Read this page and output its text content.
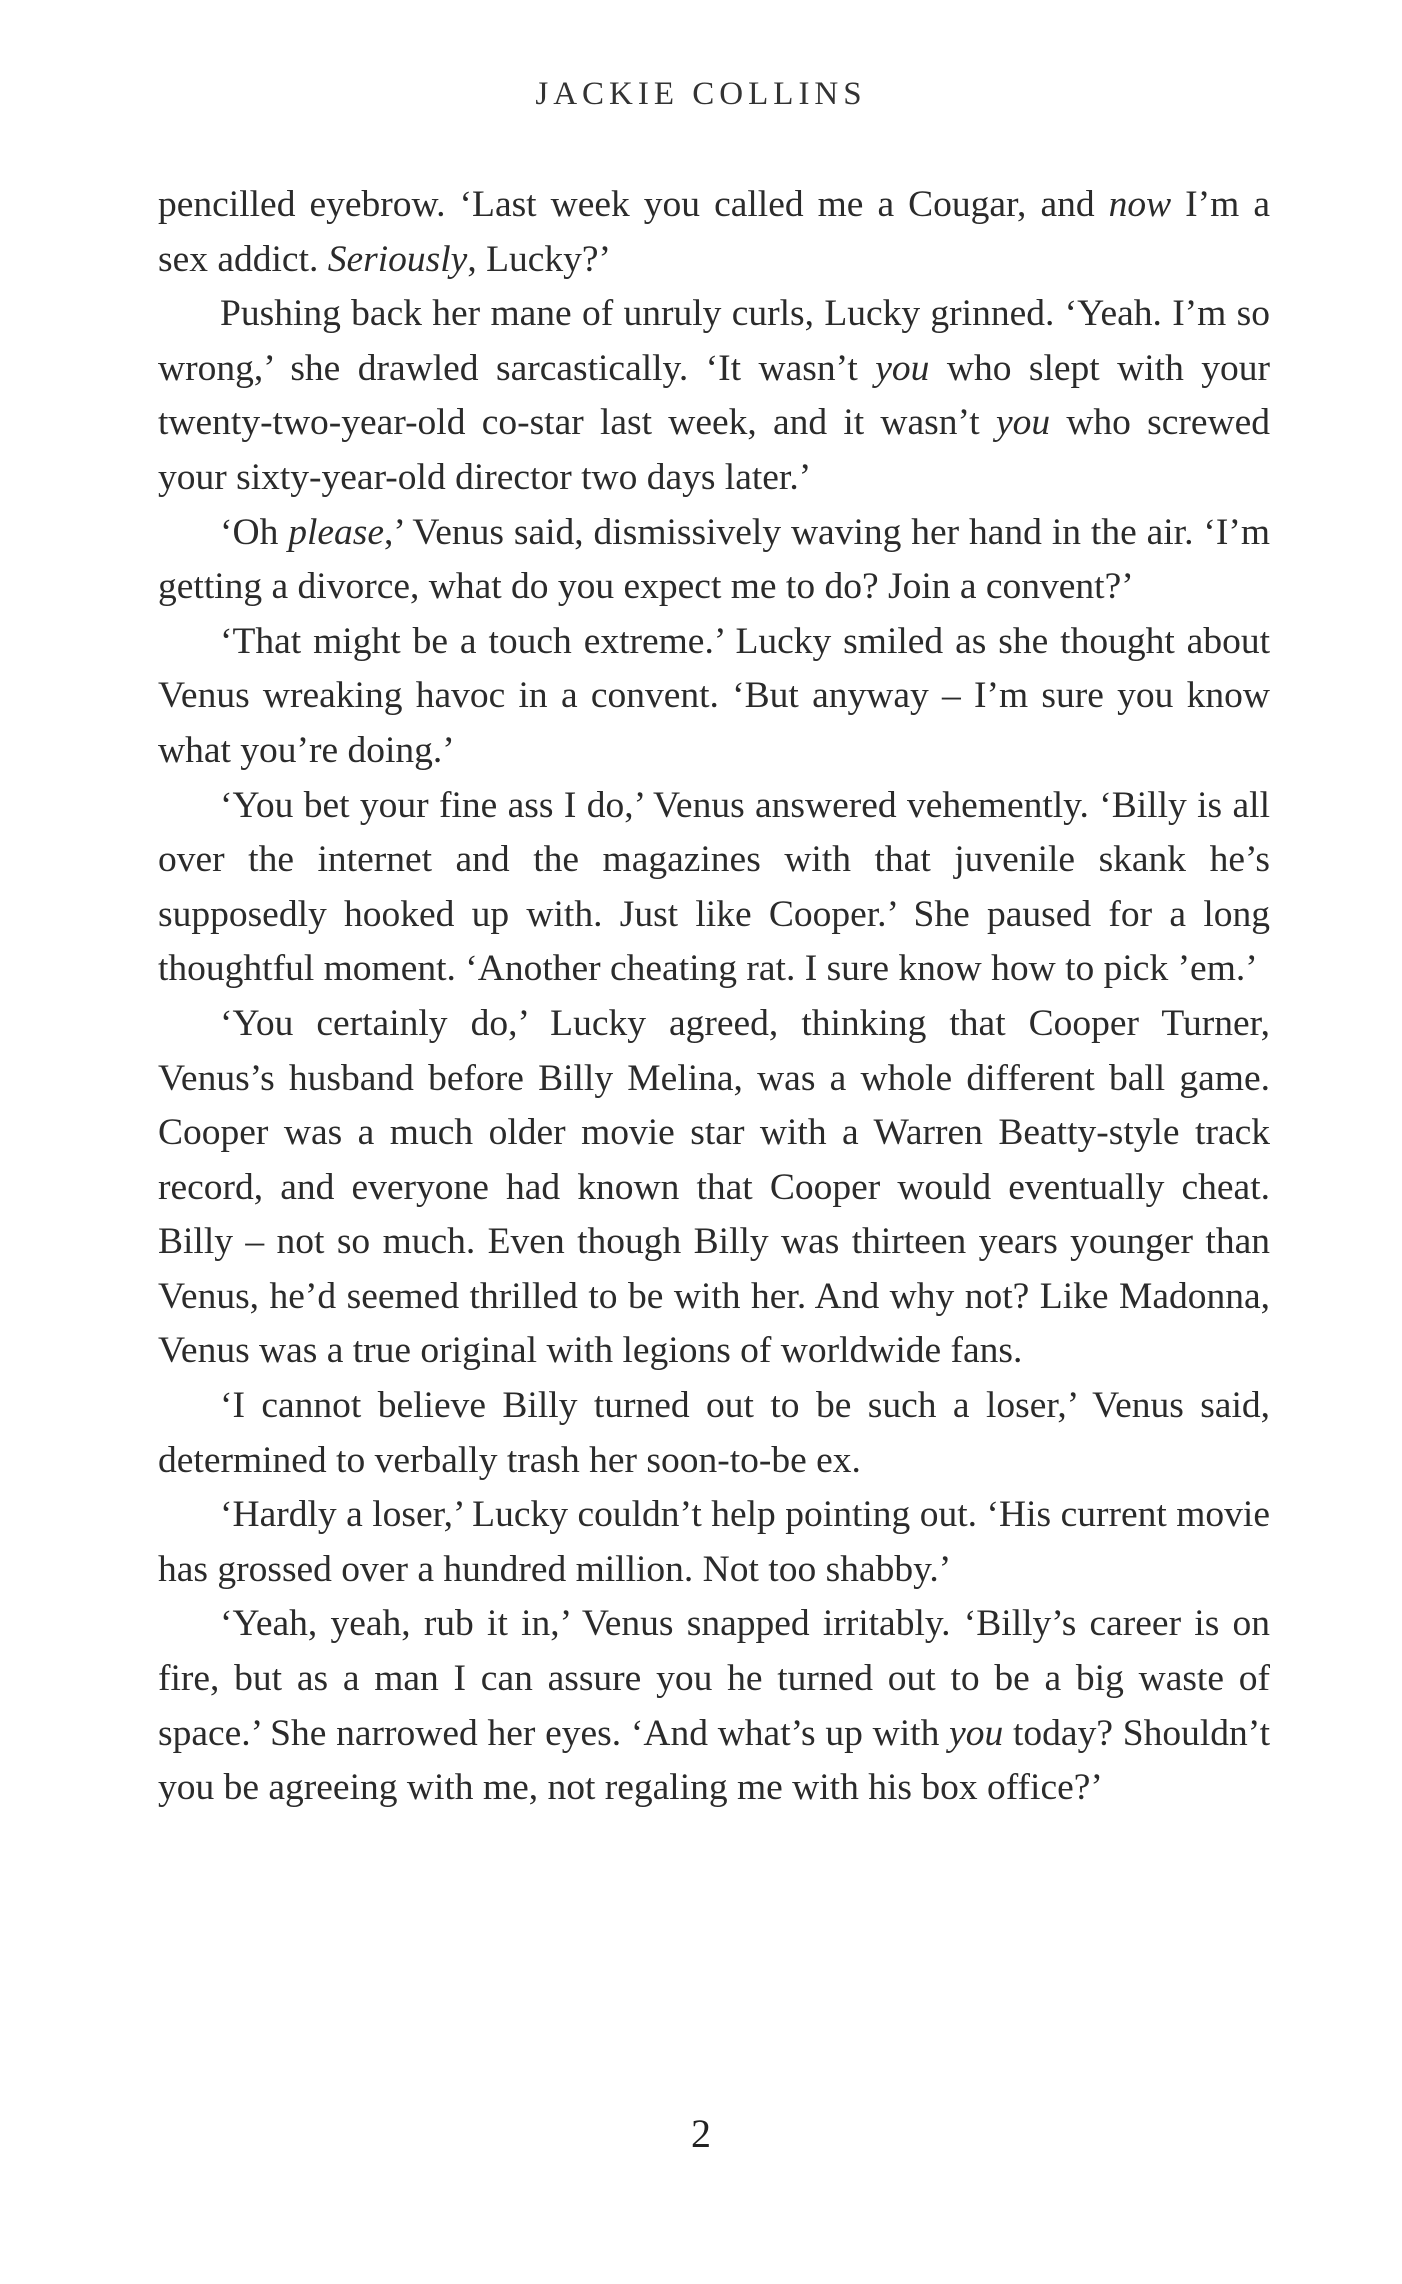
JACKIE COLLINS

pencilled eyebrow. ‘Last week you called me a Cougar, and now I’m a sex addict. Seriously, Lucky?’

Pushing back her mane of unruly curls, Lucky grinned. ‘Yeah. I’m so wrong,’ she drawled sarcastically. ‘It wasn’t you who slept with your twenty-two-year-old co-star last week, and it wasn’t you who screwed your sixty-year-old director two days later.’

‘Oh please,’ Venus said, dismissively waving her hand in the air. ‘I’m getting a divorce, what do you expect me to do? Join a convent?’

‘That might be a touch extreme.’ Lucky smiled as she thought about Venus wreaking havoc in a convent. ‘But anyway – I’m sure you know what you’re doing.’

‘You bet your fine ass I do,’ Venus answered vehemently. ‘Billy is all over the internet and the magazines with that juvenile skank he’s supposedly hooked up with. Just like Cooper.’ She paused for a long thoughtful moment. ‘Another cheating rat. I sure know how to pick ’em.’

‘You certainly do,’ Lucky agreed, thinking that Cooper Turner, Venus’s husband before Billy Melina, was a whole different ball game. Cooper was a much older movie star with a Warren Beatty-style track record, and everyone had known that Cooper would eventually cheat. Billy – not so much. Even though Billy was thirteen years younger than Venus, he’d seemed thrilled to be with her. And why not? Like Madonna, Venus was a true original with legions of worldwide fans.

‘I cannot believe Billy turned out to be such a loser,’ Venus said, determined to verbally trash her soon-to-be ex.

‘Hardly a loser,’ Lucky couldn’t help pointing out. ‘His current movie has grossed over a hundred million. Not too shabby.’

‘Yeah, yeah, rub it in,’ Venus snapped irritably. ‘Billy’s career is on fire, but as a man I can assure you he turned out to be a big waste of space.’ She narrowed her eyes. ‘And what’s up with you today? Shouldn’t you be agreeing with me, not regaling me with his box office?’

2
